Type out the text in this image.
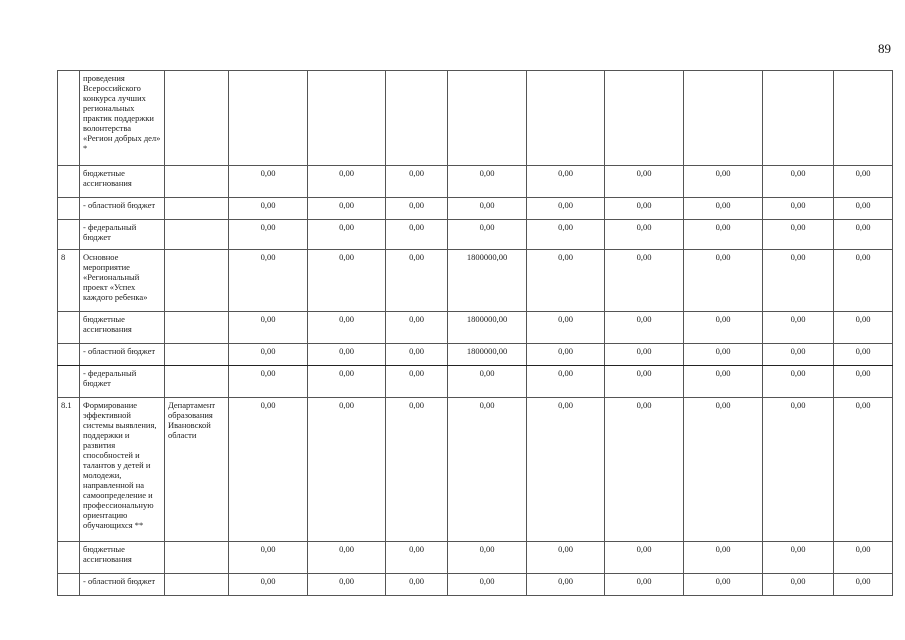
89
	проведения Всероссийского конкурса лучших региональных практик поддержки волонтерства «Регион добрых дел» *										
	бюджетные ассигнования		0,00	0,00	0,00	0,00	0,00	0,00	0,00	0,00	0,00
	- областной бюджет		0,00	0,00	0,00	0,00	0,00	0,00	0,00	0,00	0,00
	- федеральный бюджет		0,00	0,00	0,00	0,00	0,00	0,00	0,00	0,00	0,00
8	Основное мероприятие «Региональный проект «Успех каждого ребенка»		0,00	0,00	0,00	1800000,00	0,00	0,00	0,00	0,00	0,00
	бюджетные ассигнования		0,00	0,00	0,00	1800000,00	0,00	0,00	0,00	0,00	0,00
	- областной бюджет		0,00	0,00	0,00	1800000,00	0,00	0,00	0,00	0,00	0,00
	- федеральный бюджет		0,00	0,00	0,00	0,00	0,00	0,00	0,00	0,00	0,00
8.1	Формирование эффективной системы выявления, поддержки и развития способностей и талантов у детей и молодежи, направленной на самоопределение и профессиональную ориентацию обучающихся **	Департамент образования Ивановской области	0,00	0,00	0,00	0,00	0,00	0,00	0,00	0,00	0,00
	бюджетные ассигнования		0,00	0,00	0,00	0,00	0,00	0,00	0,00	0,00	0,00
	- областной бюджет		0,00	0,00	0,00	0,00	0,00	0,00	0,00	0,00	0,00
